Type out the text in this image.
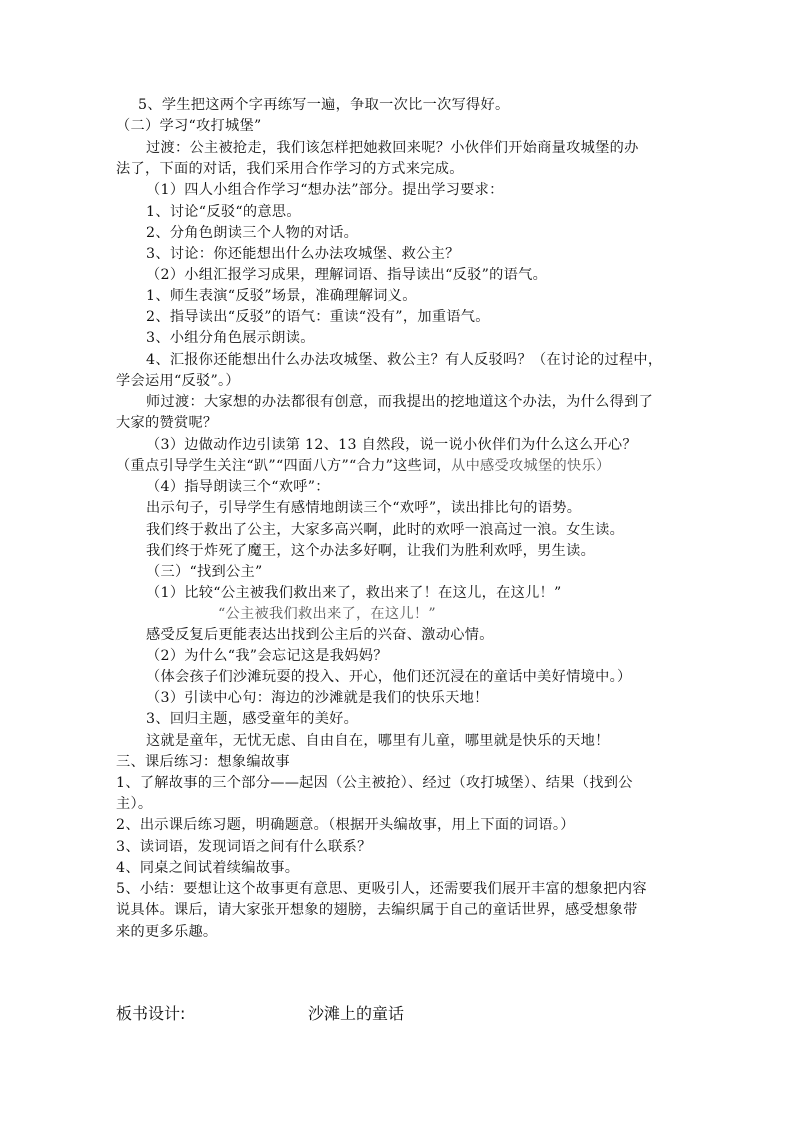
5、学生把这两个字再练写一遍，争取一次比一次写得好。
（二）学习“攻打城堡”
过渡：公主被抢走，我们该怎样把她救回来呢？小伙伴们开始商量攻城堡的办
法了，下面的对话，我们采用合作学习的方式来完成。
（1）四人小组合作学习“想办法”部分。提出学习要求：
1、讨论“反驳“的意思。
2、分角色朗读三个人物的对话。
3、讨论：你还能想出什么办法攻城堡、救公主？
（2）小组汇报学习成果，理解词语、指导读出“反驳”的语气。
1、师生表演“反驳”场景，准确理解词义。
2、指导读出“反驳”的语气：重读“没有”，加重语气。
3、小组分角色展示朗读。
4、汇报你还能想出什么办法攻城堡、救公主？有人反驳吗？（在讨论的过程中，
学会运用“反驳”。）
师过渡：大家想的办法都很有创意，而我提出的挖地道这个办法，为什么得到了
大家的赞赏呢？
（3）边做动作边引读第 12、13 自然段，说一说小伙伴们为什么这么开心？
（重点引导学生关注“趴”“四面八方”“合力”这些词，从中感受攻城堡的快乐）
（4）指导朗读三个“欢呼”：
出示句子，引导学生有感情地朗读三个“欢呼”，读出排比句的语势。
我们终于救出了公主，大家多高兴啊，此时的欢呼一浪高过一浪。女生读。
我们终于炸死了魔王，这个办法多好啊，让我们为胜利欢呼，男生读。
（三）“找到公主”
（1）比较“公主被我们救出来了，救出来了！在这儿，在这儿！”
“公主被我们救出来了，在这儿！”
感受反复后更能表达出找到公主后的兴奋、激动心情。
（2）为什么“我”会忘记这是我妈妈？
（体会孩子们沙滩玩耍的投入、开心，他们还沉浸在的童话中美好情境中。）
（3）引读中心句：海边的沙滩就是我们的快乐天地！
3、回归主题，感受童年的美好。
这就是童年，无忧无虑、自由自在，哪里有儿童，哪里就是快乐的天地！
三、课后练习：想象编故事
1、了解故事的三个部分——起因（公主被抢）、经过（攻打城堡）、结果（找到公
主）。
2、出示课后练习题，明确题意。（根据开头编故事，用上下面的词语。）
3、读词语，发现词语之间有什么联系？
4、同桌之间试着续编故事。
5、小结：要想让这个故事更有意思、更吸引人，还需要我们展开丰富的想象把内容
说具体。课后，请大家张开想象的翅膀，去编织属于自己的童话世界，感受想象带
来的更多乐趣。
板书设计:	沙滩上的童话
